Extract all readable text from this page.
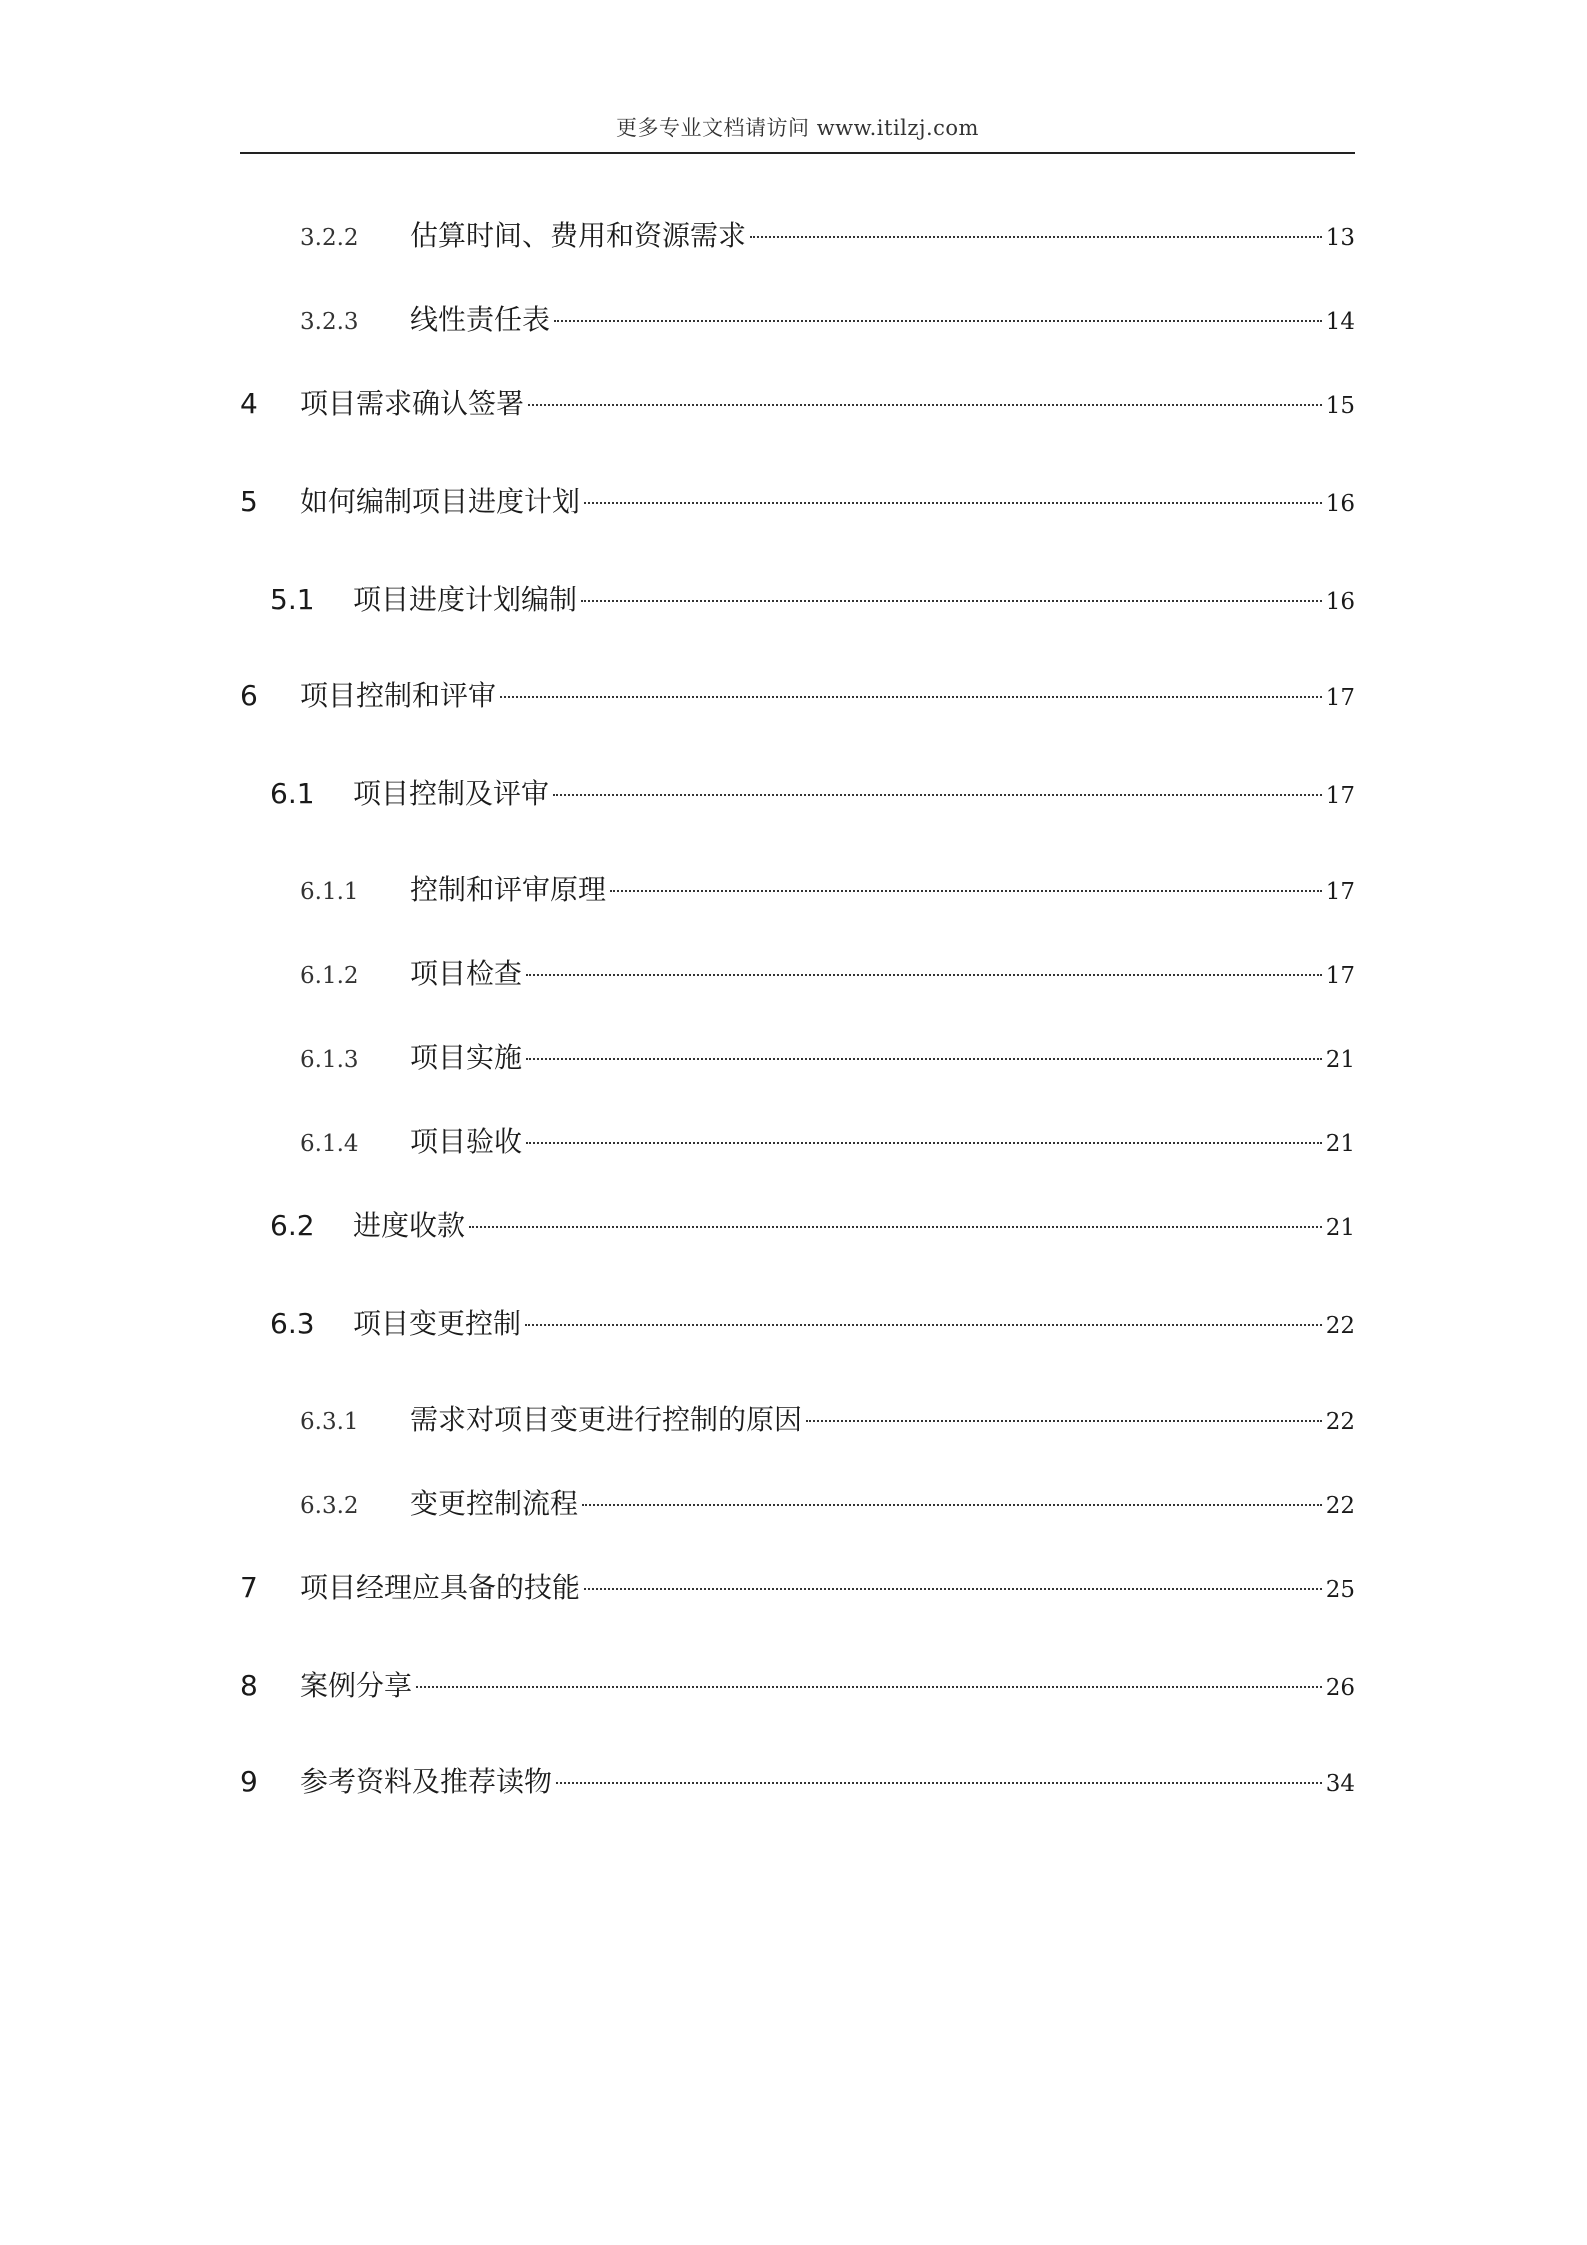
更多专业文档请访问 www.itilzj.com
3.2.2	估算时间、费用和资源需求	13
3.2.3	线性责任表	14
4	项目需求确认签署	15
5	如何编制项目进度计划	16
5.1	项目进度计划编制	16
6	项目控制和评审	17
6.1	项目控制及评审	17
6.1.1	控制和评审原理	17
6.1.2	项目检查	17
6.1.3	项目实施	21
6.1.4	项目验收	21
6.2	进度收款	21
6.3	项目变更控制	22
6.3.1	需求对项目变更进行控制的原因	22
6.3.2	变更控制流程	22
7	项目经理应具备的技能	25
8	案例分享	26
9	参考资料及推荐读物	34
